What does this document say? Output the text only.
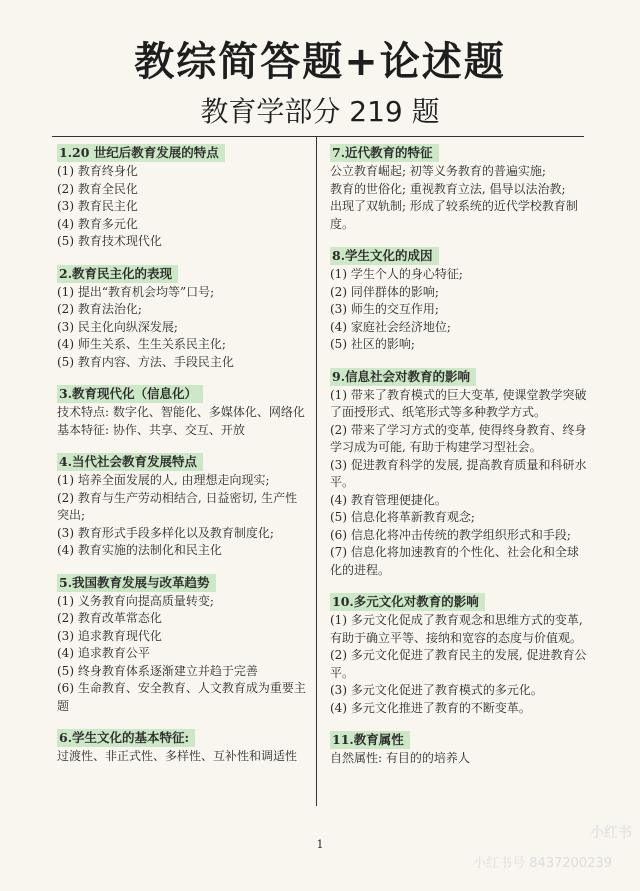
教综简答题+论述题
教育学部分 219 题
1.20 世纪后教育发展的特点
(1) 教育终身化
(2) 教育全民化
(3) 教育民主化
(4) 教育多元化
(5) 教育技术现代化
2.教育民主化的表现
(1) 提出“教育机会均等”口号;
(2) 教育法治化;
(3) 民主化向纵深发展;
(4) 师生关系、生生关系民主化;
(5) 教育内容、方法、手段民主化
3.教育现代化（信息化）
技术特点: 数字化、智能化、多媒体化、网络化
基本特征: 协作、共享、交互、开放
4.当代社会教育发展特点
(1) 培养全面发展的人, 由理想走向现实;
(2) 教育与生产劳动相结合, 日益密切, 生产性突出;
(3) 教育形式手段多样化以及教育制度化;
(4) 教育实施的法制化和民主化
5.我国教育发展与改革趋势
(1) 义务教育向提高质量转变;
(2) 教育改革常态化
(3) 追求教育现代化
(4) 追求教育公平
(5) 终身教育体系逐渐建立并趋于完善
(6) 生命教育、安全教育、人文教育成为重要主题
6.学生文化的基本特征:
过渡性、非正式性、多样性、互补性和调适性
7.近代教育的特征
公立教育崛起; 初等义务教育的普遍实施;
教育的世俗化; 重视教育立法, 倡导以法治教;
出现了双轨制; 形成了较系统的近代学校教育制度。
8.学生文化的成因
(1) 学生个人的身心特征;
(2) 同伴群体的影响;
(3) 师生的交互作用;
(4) 家庭社会经济地位;
(5) 社区的影响;
9.信息社会对教育的影响
(1) 带来了教育模式的巨大变革, 使课堂教学突破了面授形式、纸笔形式等多种教学方式。
(2) 带来了学习方式的变革, 使得终身教育、终身学习成为可能, 有助于构建学习型社会。
(3) 促进教育科学的发展, 提高教育质量和科研水平。
(4) 教育管理便捷化。
(5) 信息化将革新教育观念;
(6) 信息化将冲击传统的教学组织形式和手段;
(7) 信息化将加速教育的个性化、社会化和全球化的进程。
10.多元文化对教育的影响
(1) 多元文化促成了教育观念和思维方式的变革, 有助于确立平等、接纳和宽容的态度与价值观。
(2) 多元文化促进了教育民主的发展, 促进教育公平。
(3) 多元文化促进了教育模式的多元化。
(4) 多元文化推进了教育的不断变革。
11.教育属性
自然属性: 有目的的培养人
1
小红书
小红书号 8437200239
